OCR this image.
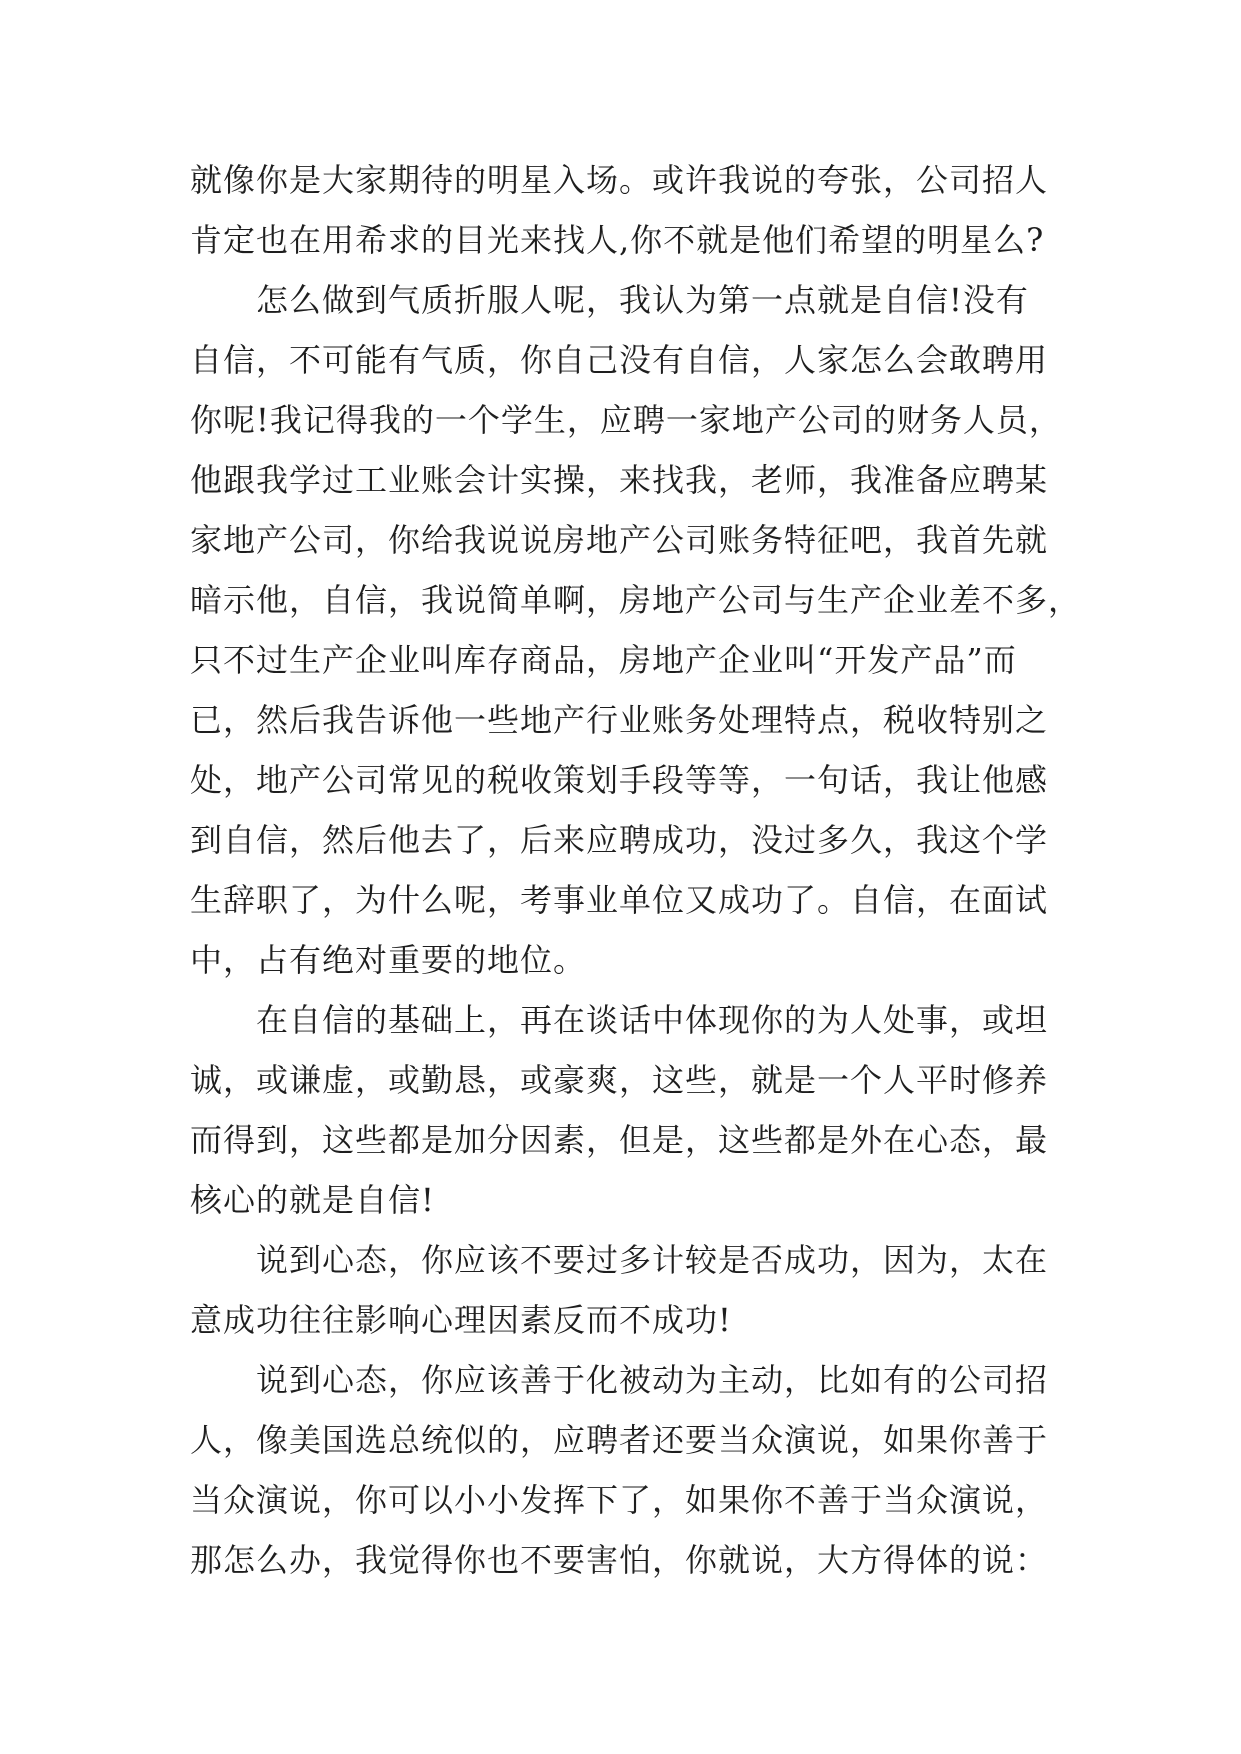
就像你是大家期待的明星入场。或许我说的夸张，公司招人
肯定也在用希求的目光来找人,你不就是他们希望的明星么?
怎么做到气质折服人呢，我认为第一点就是自信!没有
自信，不可能有气质，你自己没有自信，人家怎么会敢聘用
你呢!我记得我的一个学生，应聘一家地产公司的财务人员，
他跟我学过工业账会计实操，来找我，老师，我准备应聘某
家地产公司，你给我说说房地产公司账务特征吧，我首先就
暗示他，自信，我说简单啊，房地产公司与生产企业差不多，
只不过生产企业叫库存商品，房地产企业叫“开发产品”而
已，然后我告诉他一些地产行业账务处理特点，税收特别之
处，地产公司常见的税收策划手段等等，一句话，我让他感
到自信，然后他去了，后来应聘成功，没过多久，我这个学
生辞职了，为什么呢，考事业单位又成功了。自信，在面试
中，占有绝对重要的地位。
在自信的基础上，再在谈话中体现你的为人处事，或坦
诚，或谦虚，或勤恳，或豪爽，这些，就是一个人平时修养
而得到，这些都是加分因素，但是，这些都是外在心态，最
核心的就是自信!
说到心态，你应该不要过多计较是否成功，因为，太在
意成功往往影响心理因素反而不成功!
说到心态，你应该善于化被动为主动，比如有的公司招
人，像美国选总统似的，应聘者还要当众演说，如果你善于
当众演说，你可以小小发挥下了，如果你不善于当众演说，
那怎么办，我觉得你也不要害怕，你就说，大方得体的说：
